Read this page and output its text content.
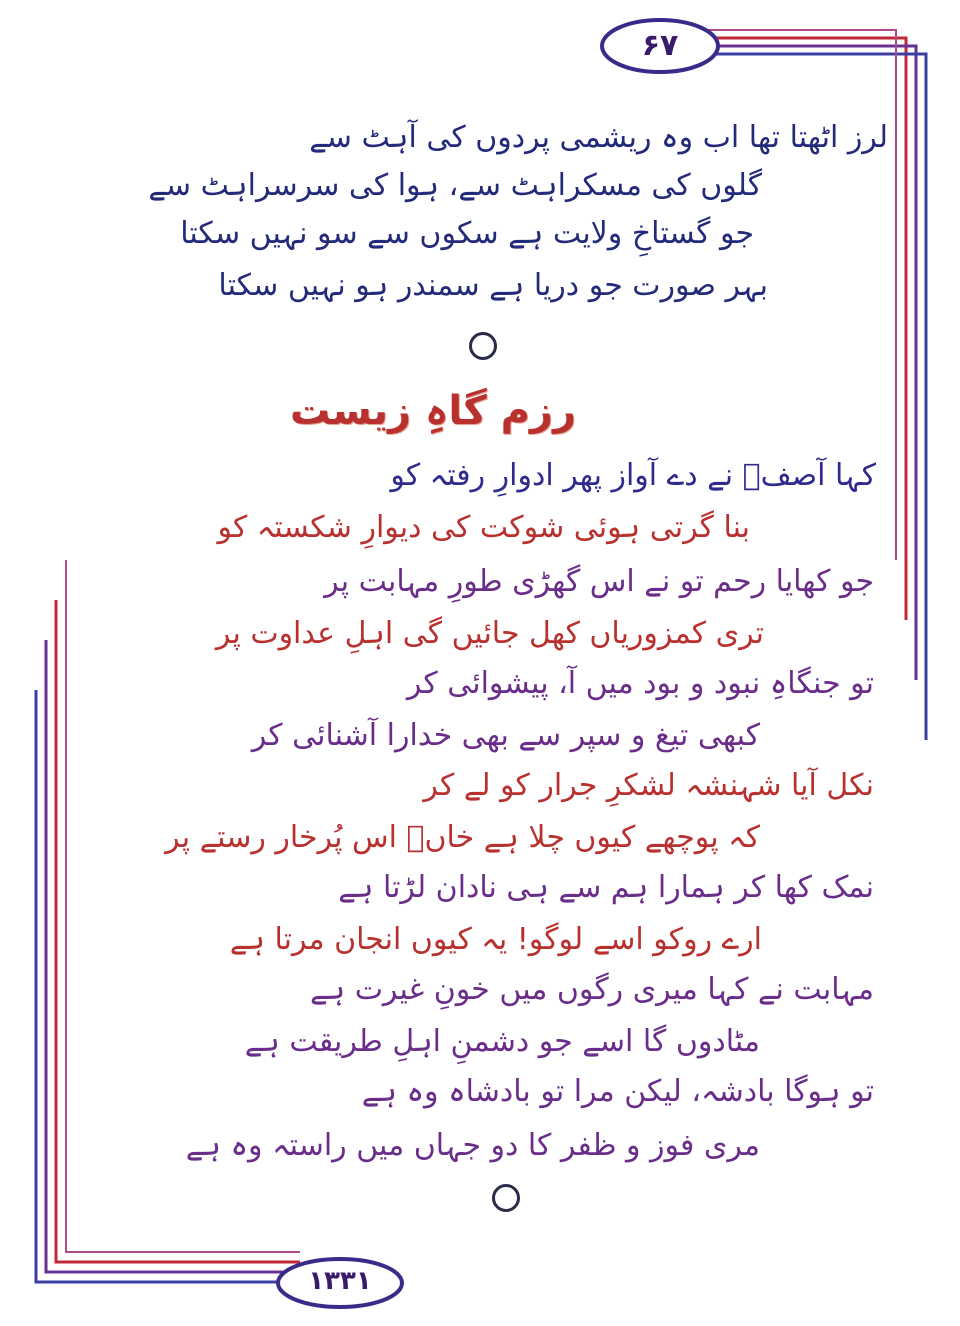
۶۷
۱۳۳۱
لرز اٹھتا تھا اب وہ ریشمی پردوں کی آہٹ سے
گلوں کی مسکراہٹ سے، ہوا کی سرسراہٹ سے
جو گستاخِ ولایت ہے سکوں سے سو نہیں سکتا
بہر صورت جو دریا ہے سمندر ہو نہیں سکتا
رزم گاہِ زیست
کہا آصفؔ نے دے آواز پھر ادوارِ رفتہ کو
بنا گرتی ہوئی شوکت کی دیوارِ شکستہ کو
جو کھایا رحم تو نے اس گھڑی طورِ مہابت پر
تری کمزوریاں کھل جائیں گی اہلِ عداوت پر
تو جنگاہِ نبود و بود میں آ، پیشوائی کر
کبھی تیغ و سپر سے بھی خدارا آشنائی کر
نکل آیا شہنشہ لشکرِ جرار کو لے کر
کہ پوچھے کیوں چلا ہے خاںؔ اس پُرخار رستے پر
نمک کھا کر ہمارا ہم سے ہی نادان لڑتا ہے
ارے روکو اسے لوگو! یہ کیوں انجان مرتا ہے
مہابت نے کہا میری رگوں میں خونِ غیرت ہے
مٹادوں گا اسے جو دشمنِ اہلِ طریقت ہے
تو ہوگا بادشہ، لیکن مرا تو بادشاہ وہ ہے
مری فوز و ظفر کا دو جہاں میں راستہ وہ ہے
